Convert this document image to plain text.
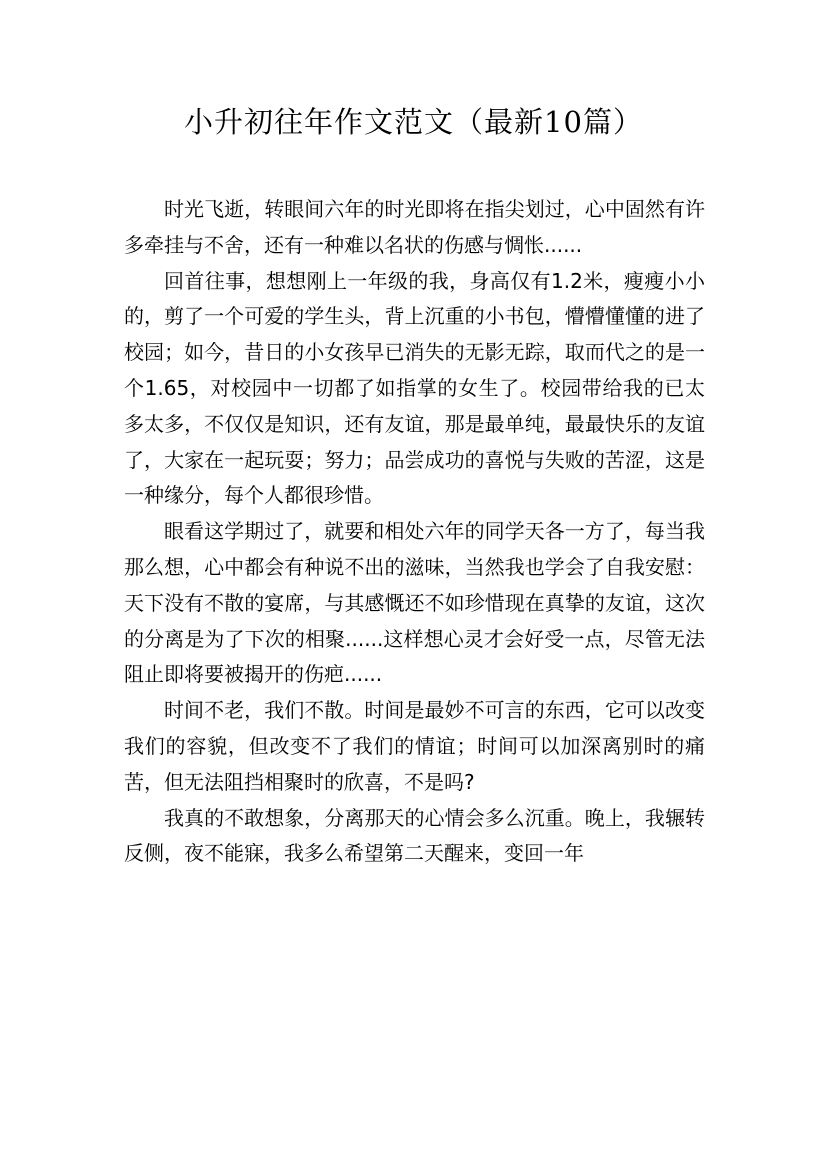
小升初往年作文范文（最新10篇）

时光飞逝，转眼间六年的时光即将在指尖划过，心中固然有许多牵挂与不舍，还有一种难以名状的伤感与惆怅......

回首往事，想想刚上一年级的我，身高仅有1.2米，瘦瘦小小的，剪了一个可爱的学生头，背上沉重的小书包，懵懵懂懂的进了校园；如今，昔日的小女孩早已消失的无影无踪，取而代之的是一个1.65，对校园中一切都了如指掌的女生了。校园带给我的已太多太多，不仅仅是知识，还有友谊，那是最单纯，最最快乐的友谊了，大家在一起玩耍；努力；品尝成功的喜悦与失败的苦涩，这是一种缘分，每个人都很珍惜。

眼看这学期过了，就要和相处六年的同学天各一方了，每当我那么想，心中都会有种说不出的滋味，当然我也学会了自我安慰：天下没有不散的宴席，与其感慨还不如珍惜现在真挚的友谊，这次的分离是为了下次的相聚......这样想心灵才会好受一点，尽管无法阻止即将要被揭开的伤疤......

时间不老，我们不散。时间是最妙不可言的东西，它可以改变我们的容貌，但改变不了我们的情谊；时间可以加深离别时的痛苦，但无法阻挡相聚时的欣喜，不是吗?

我真的不敢想象，分离那天的心情会多么沉重。晚上，我辗转反侧，夜不能寐，我多么希望第二天醒来，变回一年
